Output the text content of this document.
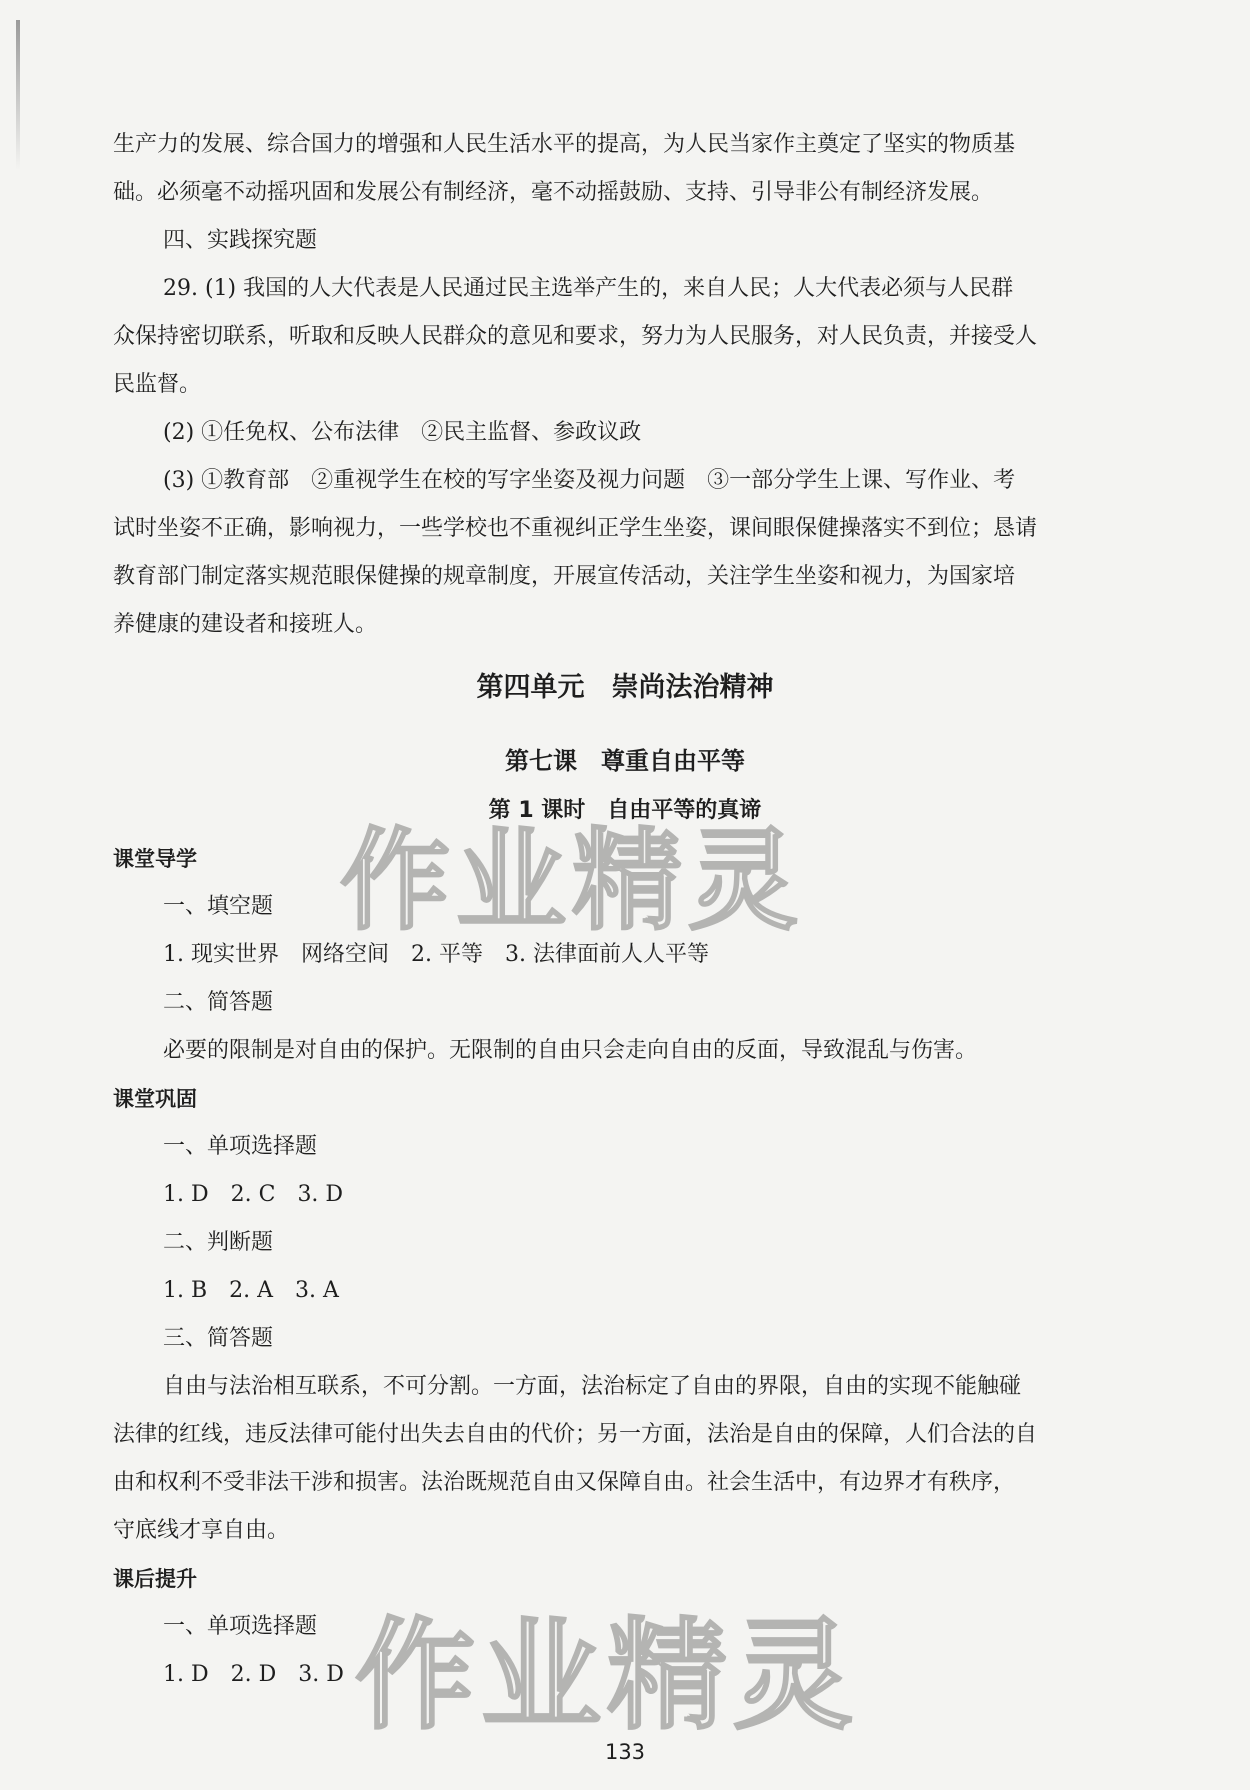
生产力的发展、综合国力的增强和人民生活水平的提高，为人民当家作主奠定了坚实的物质基

础。必须毫不动摇巩固和发展公有制经济，毫不动摇鼓励、支持、引导非公有制经济发展。

四、实践探究题

29. (1) 我国的人大代表是人民通过民主选举产生的，来自人民；人大代表必须与人民群

众保持密切联系，听取和反映人民群众的意见和要求，努力为人民服务，对人民负责，并接受人

民监督。

(2) ①任免权、公布法律　②民主监督、参政议政

(3) ①教育部　②重视学生在校的写字坐姿及视力问题　③一部分学生上课、写作业、考

试时坐姿不正确，影响视力，一些学校也不重视纠正学生坐姿，课间眼保健操落实不到位；恳请

教育部门制定落实规范眼保健操的规章制度，开展宣传活动，关注学生坐姿和视力，为国家培

养健康的建设者和接班人。

第四单元　崇尚法治精神
第七课　尊重自由平等
第 1 课时　自由平等的真谛

课堂导学

一、填空题

1. 现实世界　网络空间　2. 平等　3. 法律面前人人平等

二、简答题

必要的限制是对自由的保护。无限制的自由只会走向自由的反面，导致混乱与伤害。

课堂巩固

一、单项选择题

1. D　2. C　3. D

二、判断题

1. B　2. A　3. A

三、简答题

自由与法治相互联系，不可分割。一方面，法治标定了自由的界限，自由的实现不能触碰

法律的红线，违反法律可能付出失去自由的代价；另一方面，法治是自由的保障，人们合法的自

由和权利不受非法干涉和损害。法治既规范自由又保障自由。社会生活中，有边界才有秩序，

守底线才享自由。

课后提升

一、单项选择题

1. D　2. D　3. D

133
作业精灵
作业精灵
